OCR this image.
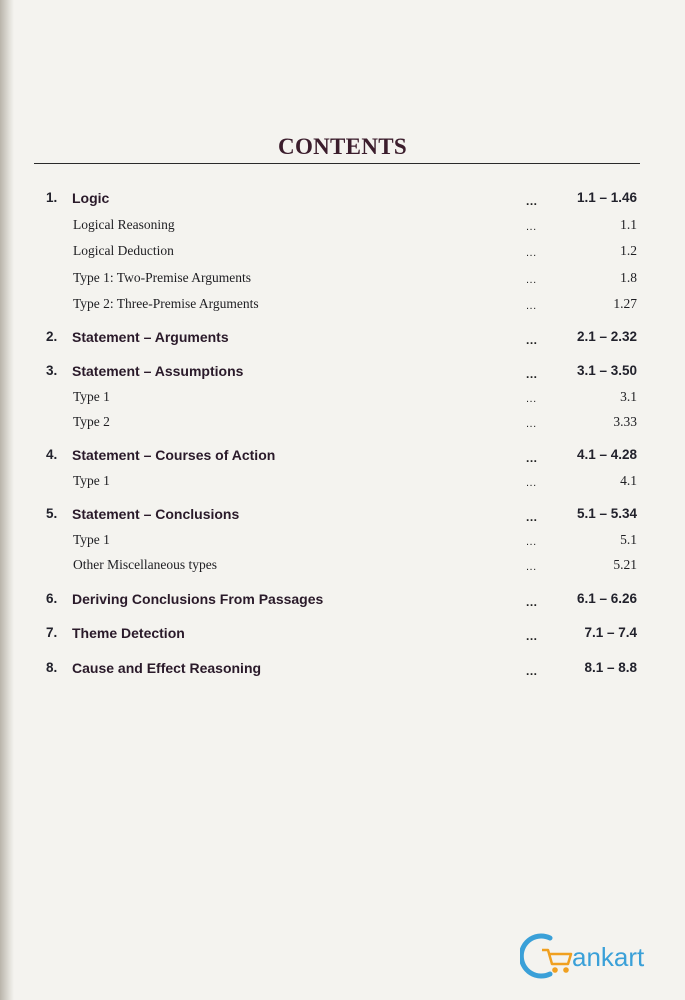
CONTENTS
1. Logic	...	1.1 – 1.46
Logical Reasoning	...	1.1
Logical Deduction	...	1.2
Type 1: Two-Premise Arguments	...	1.8
Type 2: Three-Premise Arguments	...	1.27
2. Statement – Arguments	...	2.1 – 2.32
3. Statement – Assumptions	...	3.1 – 3.50
Type 1	...	3.1
Type 2	...	3.33
4. Statement – Courses of Action	...	4.1 – 4.28
Type 1	...	4.1
5. Statement – Conclusions	...	5.1 – 5.34
Type 1	...	5.1
Other Miscellaneous types	...	5.21
6. Deriving Conclusions From Passages	...	6.1 – 6.26
7. Theme Detection	...	7.1 – 7.4
8. Cause and Effect Reasoning	...	8.1 – 8.8
ankart
